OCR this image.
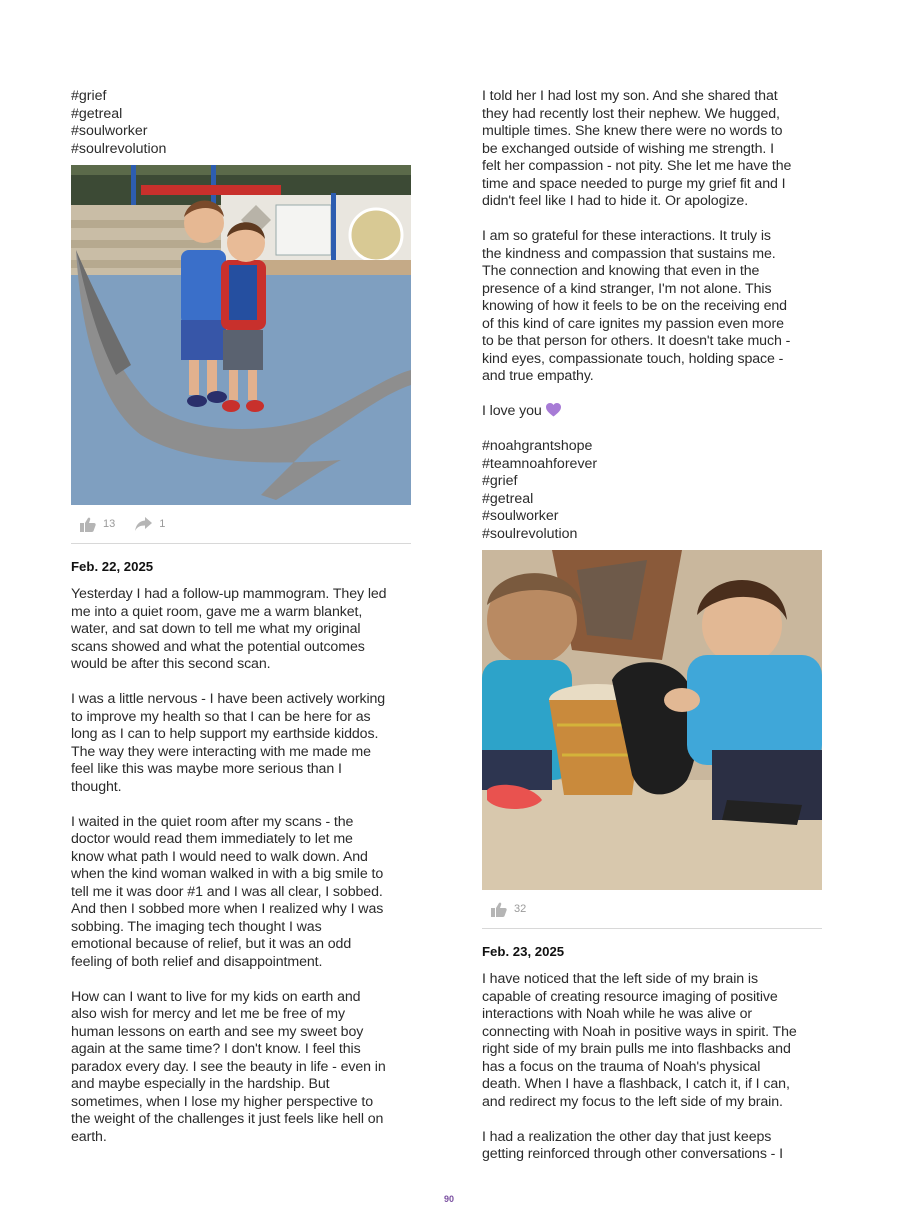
#grief
#getreal
#soulworker
#soulrevolution
13	1
Feb. 22, 2025

Yesterday I had a follow-up mammogram. They led
me into a quiet room, gave me a warm blanket,
water, and sat down to tell me what my original
scans showed and what the potential outcomes
would be after this second scan.

I was a little nervous - I have been actively working
to improve my health so that I can be here for as
long as I can to help support my earthside kiddos.
The way they were interacting with me made me
feel like this was maybe more serious than I
thought.

I waited in the quiet room after my scans - the
doctor would read them immediately to let me
know what path I would need to walk down. And
when the kind woman walked in with a big smile to
tell me it was door #1 and I was all clear, I sobbed.
And then I sobbed more when I realized why I was
sobbing. The imaging tech thought I was
emotional because of relief, but it was an odd
feeling of both relief and disappointment.

How can I want to live for my kids on earth and
also wish for mercy and let me be free of my
human lessons on earth and see my sweet boy
again at the same time? I don't know. I feel this
paradox every day. I see the beauty in life - even in
and maybe especially in the hardship. But
sometimes, when I lose my higher perspective to
the weight of the challenges it just feels like hell on
earth.

I told her I had lost my son. And she shared that
they had recently lost their nephew. We hugged,
multiple times. She knew there were no words to
be exchanged outside of wishing me strength. I
felt her compassion - not pity. She let me have the
time and space needed to purge my grief fit and I
didn't feel like I had to hide it. Or apologize.

I am so grateful for these interactions. It truly is
the kindness and compassion that sustains me.
The connection and knowing that even in the
presence of a kind stranger, I'm not alone. This
knowing of how it feels to be on the receiving end
of this kind of care ignites my passion even more
to be that person for others. It doesn't take much -
kind eyes, compassionate touch, holding space -
and true empathy.

I love you

#noahgrantshope
#teamnoahforever
#grief
#getreal
#soulworker
#soulrevolution
32
Feb. 23, 2025

I have noticed that the left side of my brain is
capable of creating resource imaging of positive
interactions with Noah while he was alive or
connecting with Noah in positive ways in spirit. The
right side of my brain pulls me into flashbacks and
has a focus on the trauma of Noah's physical
death. When I have a flashback, I catch it, if I can,
and redirect my focus to the left side of my brain.

I had a realization the other day that just keeps
getting reinforced through other conversations - I

90
